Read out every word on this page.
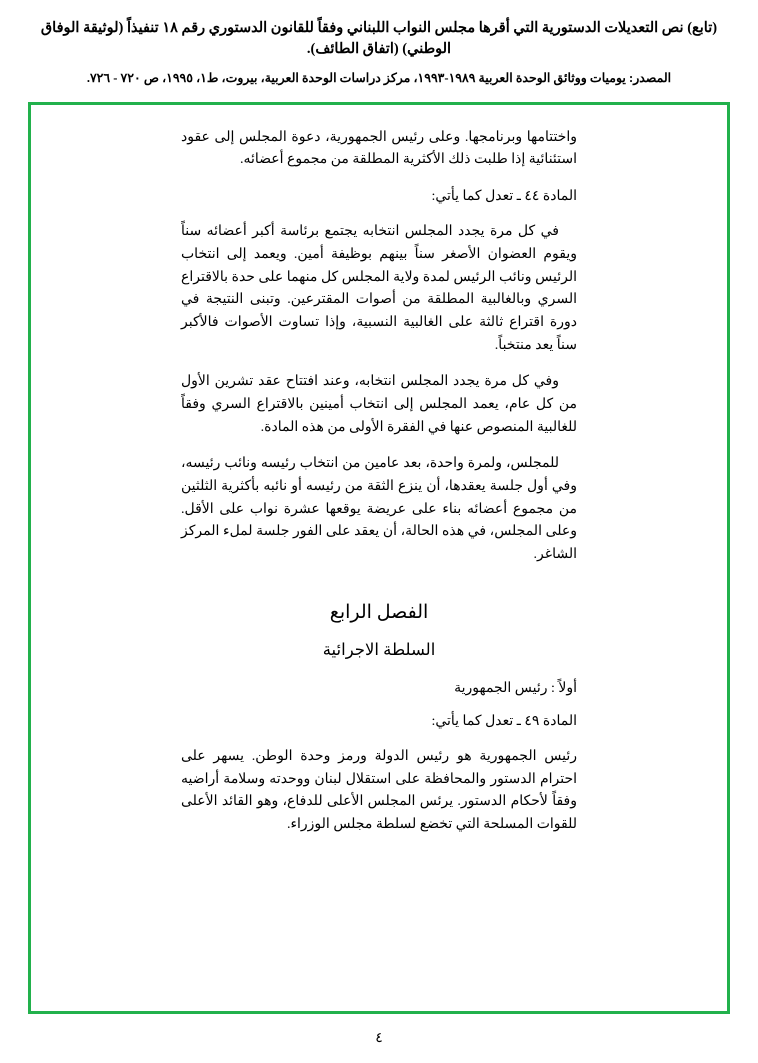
(تابع) نص التعديلات الدستورية التي أقرها مجلس النواب اللبناني وفقاً للقانون الدستوري رقم ١٨ تنفيذاً (لوثيقة الوفاق الوطني) (اتفاق الطائف).
المصدر: يوميات ووثائق الوحدة العربية ١٩٨٩-١٩٩٣، مركز دراسات الوحدة العربية، بيروت، ط١، ١٩٩٥، ص ٧٢٠ - ٧٢٦.

واختتامها وبرنامجها. وعلى رئيس الجمهورية، دعوة المجلس إلى عقود استئنائية إذا طلبت ذلك الأكثرية المطلقة من مجموع أعضائه.

المادة ٤٤ ـ تعدل كما يأتي:

في كل مرة يجدد المجلس انتخابه يجتمع برئاسة أكبر أعضائه سناً ويقوم العضوان الأصغر سناً بينهم بوظيفة أمين. ويعمد إلى انتخاب الرئيس ونائب الرئيس لمدة ولاية المجلس كل منهما على حدة بالاقتراع السري وبالغالبية المطلقة من أصوات المقترعين. وتبنى النتيجة في دورة اقتراع ثالثة على الغالبية النسبية، وإذا تساوت الأصوات فالأكبر سناً يعد منتخباً.

وفي كل مرة يجدد المجلس انتخابه، وعند افتتاح عقد تشرين الأول من كل عام، يعمد المجلس إلى انتخاب أمينين بالاقتراع السري وفقاً للغالبية المنصوص عنها في الفقرة الأولى من هذه المادة.

للمجلس، ولمرة واحدة، بعد عامين من انتخاب رئيسه ونائب رئيسه، وفي أول جلسة يعقدها، أن ينزع الثقة من رئيسه أو نائبه بأكثرية الثلثين من مجموع أعضائه بناء على عريضة يوقعها عشرة نواب على الأقل. وعلى المجلس، في هذه الحالة، أن يعقد على الفور جلسة لملء المركز الشاغر.

الفصل الرابع
السلطة الاجرائية

أولاً : رئيس الجمهورية

المادة ٤٩ ـ تعدل كما يأتي:

رئيس الجمهورية هو رئيس الدولة ورمز وحدة الوطن. يسهر على احترام الدستور والمحافظة على استقلال لبنان ووحدته وسلامة أراضيه وفقاً لأحكام الدستور. يرئس المجلس الأعلى للدفاع، وهو القائد الأعلى للقوات المسلحة التي تخضع لسلطة مجلس الوزراء.

٤
